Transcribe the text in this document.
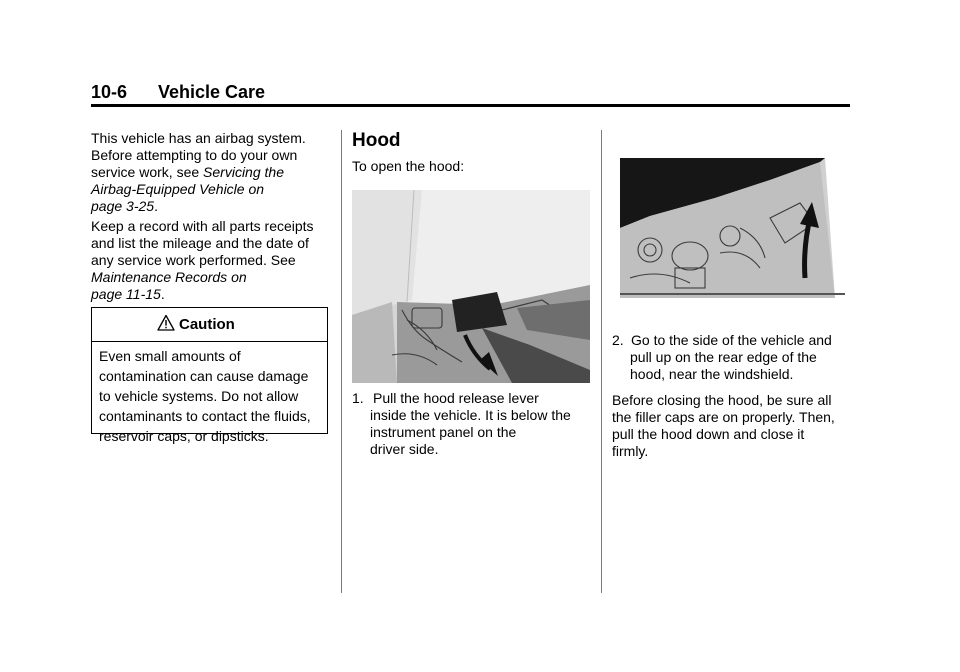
10-6 Vehicle Care

This vehicle has an airbag system.

Before attempting to do your own

service work, see Servicing the

Airbag-Equipped Vehicle on

page 3-25.

Keep a record with all parts receipts

and list the mileage and the date of

any service work performed. See

Maintenance Records on

page 11-15.

Caution
Even small amounts of
contamination can cause damage
to vehicle systems. Do not allow
contaminants to contact the fluids,
reservoir caps, or dipsticks.
Hood

To open the hood:

1. Pull the hood release lever
inside the vehicle. It is below the
instrument panel on the
driver side.
2. Go to the side of the vehicle and
pull up on the rear edge of the
hood, near the windshield.

Before closing the hood, be sure all

the filler caps are on properly. Then,

pull the hood down and close it

firmly.
